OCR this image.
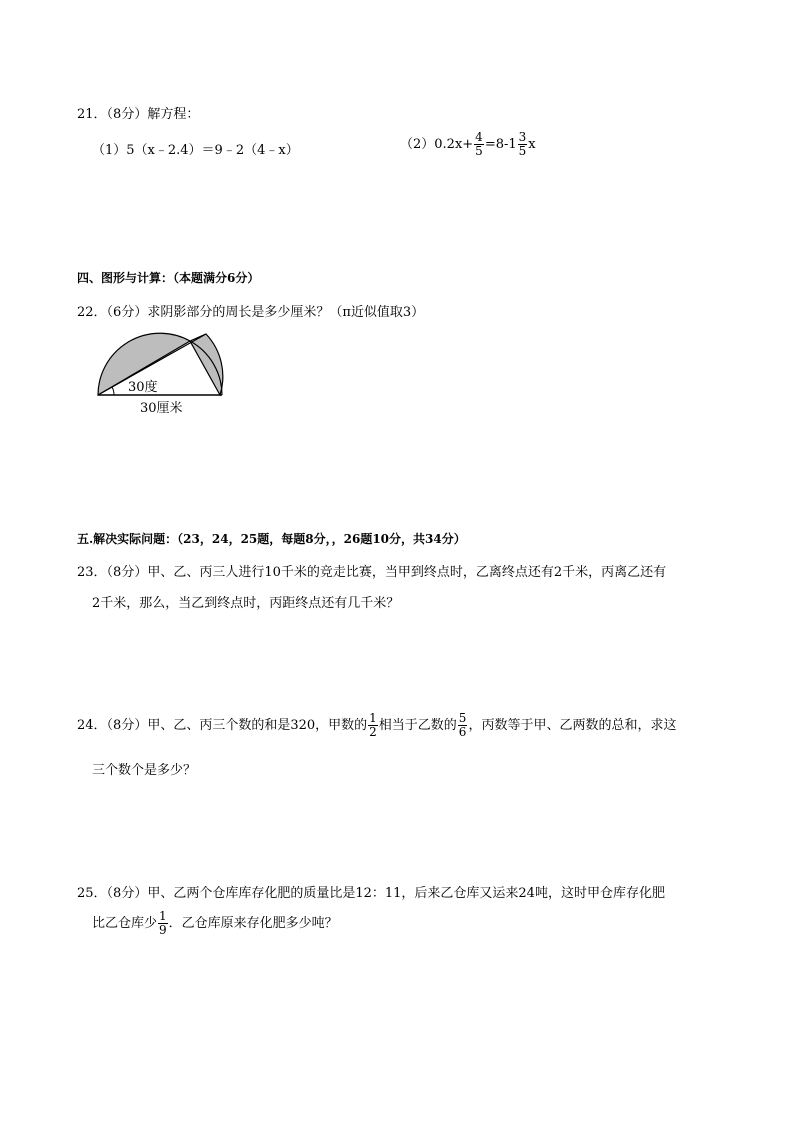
21．（8分）解方程：
（1）5（x﹣2.4）＝9﹣2（4﹣x）	$(2)0.2x+ \frac{4}{5} =8-1 \frac{3}{5}$ x
四、图形与计算：（本题满分6分）
22．（6分）求阴影部分的周长是多少厘米？（π近似值取3）
30度
30厘米
五.解决实际问题：（23，24，25题，每题8分，，26题10分，共34分）
23．（8分）甲、乙、丙三人进行10千米的竞走比赛，当甲到终点时，乙离终点还有2千米，丙离乙还有
2千米，那么，当乙到终点时，丙距终点还有几千米？
24．（8分）甲、乙、丙三个数的和是320，甲数的 $\frac{1}{2}$ 相当于乙数的 $\frac{5}{6}$ ，丙数等于甲、乙两数的总和，求这
三个数个是多少？
25．（8分）甲、乙两个仓库库存化肥的质量比是12：11，后来乙仓库又运来24吨，这时甲仓库存化肥
比乙仓库少 $\frac{1}{9}$ ．乙仓库原来存化肥多少吨？
